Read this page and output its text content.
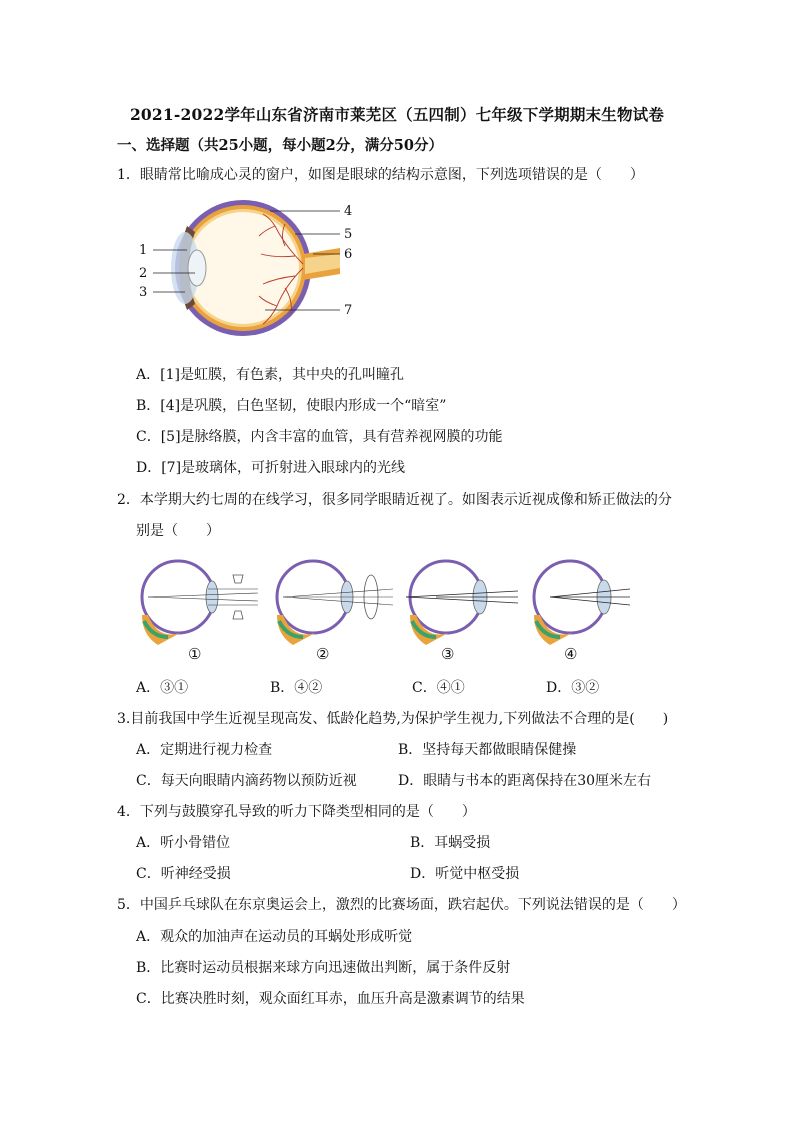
2021-2022学年山东省济南市莱芜区（五四制）七年级下学期期末生物试卷
一、选择题（共25小题，每小题2分，满分50分）
1．眼睛常比喻成心灵的窗户，如图是眼球的结构示意图，下列选项错误的是（　　）
1
2
3
4
5
6
7
A．[1]是虹膜，有色素，其中央的孔叫瞳孔
B．[4]是巩膜，白色坚韧，使眼内形成一个“暗室”
C．[5]是脉络膜，内含丰富的血管，具有营养视网膜的功能
D．[7]是玻璃体，可折射进入眼球内的光线
2．本学期大约七周的在线学习，很多同学眼睛近视了。如图表示近视成像和矫正做法的分
别是（　　）
①	②	③	④
A．③①	B．④②	C．④①	D．③②
3.目前我国中学生近视呈现高发、低龄化趋势,为保护学生视力,下列做法不合理的是(　　)
A．定期进行视力检查	B．坚持每天都做眼睛保健操
C．每天向眼睛内滴药物以预防近视	D．眼睛与书本的距离保持在30厘米左右
4．下列与鼓膜穿孔导致的听力下降类型相同的是（　　）
A．听小骨错位	B．耳蜗受损
C．听神经受损	D．听觉中枢受损
5．中国乒乓球队在东京奥运会上，激烈的比赛场面，跌宕起伏。下列说法错误的是（　　）
A．观众的加油声在运动员的耳蜗处形成听觉
B．比赛时运动员根据来球方向迅速做出判断，属于条件反射
C．比赛决胜时刻，观众面红耳赤，血压升高是激素调节的结果
